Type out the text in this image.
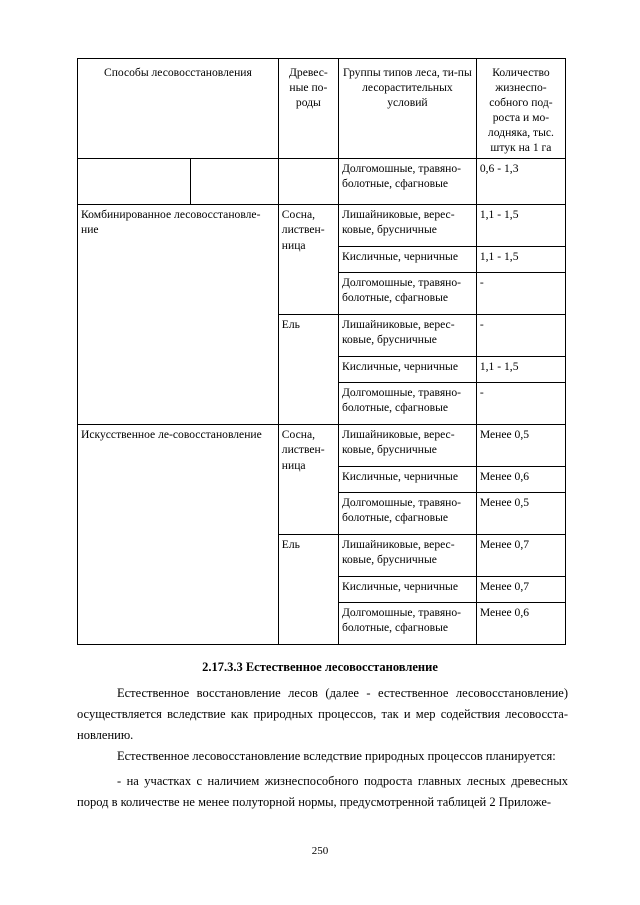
Способы лесовосстановления		Древес-ные по-роды	Группы типов леса, ти-пы лесорастительных условий	Количество жизнеспо-собного под-роста и мо-лодняка, тыс. штук на 1 га
			Долгомошные, травяно-болотные, сфагновые	0,6 - 1,3
Комбинированное лесовосстановле-ние		Сосна, листвен-ница	Лишайниковые, верес-ковые, брусничные	1,1 - 1,5
			Кисличные, черничные	1,1 - 1,5
			Долгомошные, травяно-болотные, сфагновые	-
		Ель	Лишайниковые, верес-ковые, брусничные	-
			Кисличные, черничные	1,1 - 1,5
			Долгомошные, травяно-болотные, сфагновые	-
Искусственное ле-совосстановление		Сосна, листвен-ница	Лишайниковые, верес-ковые, брусничные	Менее 0,5
			Кисличные, черничные	Менее 0,6
			Долгомошные, травяно-болотные, сфагновые	Менее 0,5
		Ель	Лишайниковые, верес-ковые, брусничные	Менее 0,7
			Кисличные, черничные	Менее 0,7
			Долгомошные, травяно-болотные, сфагновые	Менее 0,6
2.17.3.3 Естественное лесовосстановление

Естественное восстановление лесов (далее - естественное лесовосстановление) осуществляется вследствие как природных процессов, так и мер содействия лесовосста-новлению.

Естественное лесовосстановление вследствие природных процессов планируется:

- на участках с наличием жизнеспособного подроста главных лесных древесных пород в количестве не менее полуторной нормы, предусмотренной таблицей 2 Приложе-

250
